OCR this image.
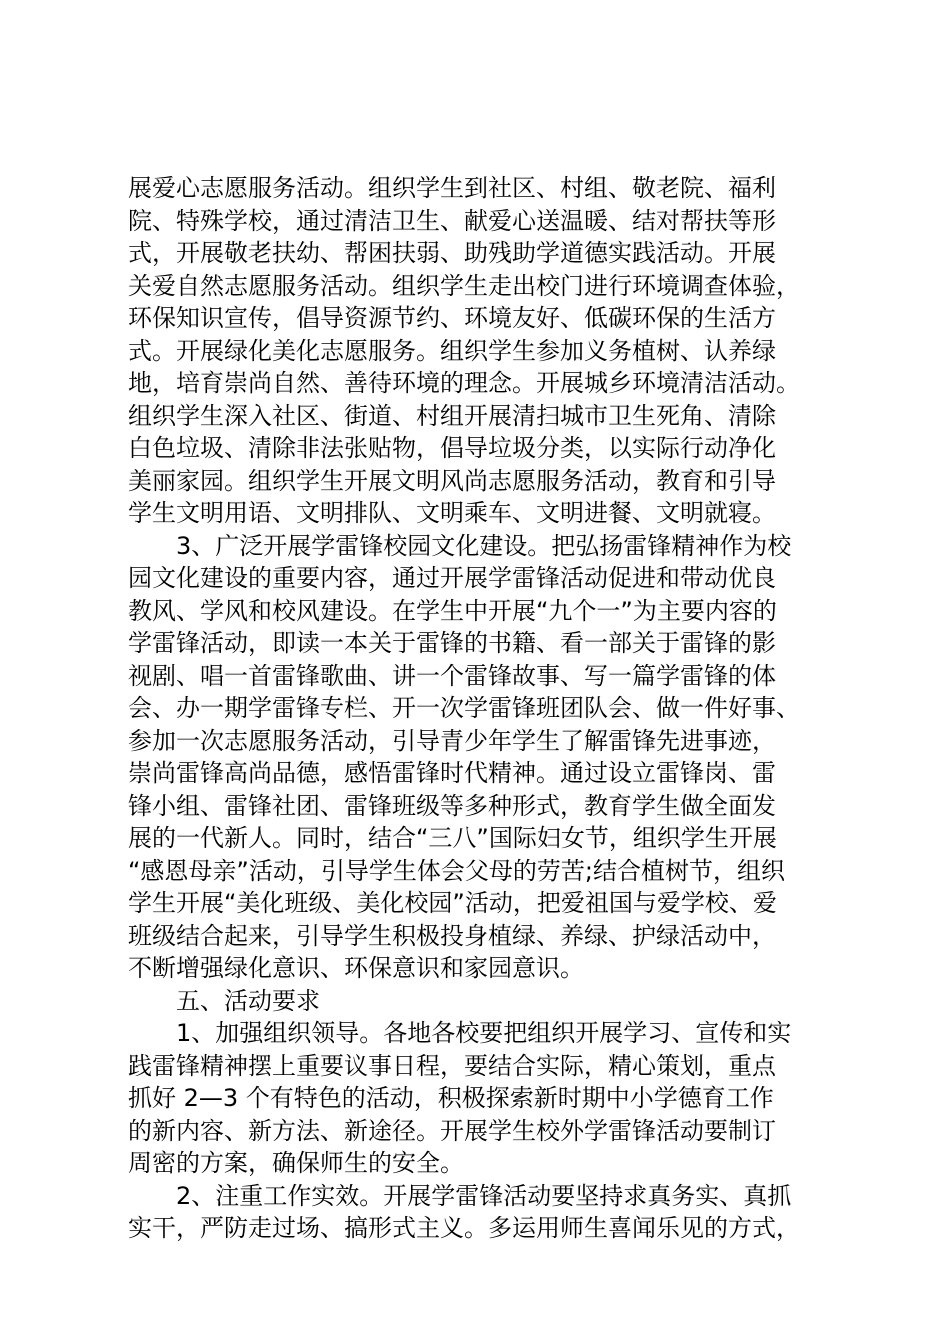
展爱心志愿服务活动。组织学生到社区、村组、敬老院、福利
院、特殊学校，通过清洁卫生、献爱心送温暖、结对帮扶等形
式，开展敬老扶幼、帮困扶弱、助残助学道德实践活动。开展
关爱自然志愿服务活动。组织学生走出校门进行环境调查体验，
环保知识宣传，倡导资源节约、环境友好、低碳环保的生活方
式。开展绿化美化志愿服务。组织学生参加义务植树、认养绿
地，培育崇尚自然、善待环境的理念。开展城乡环境清洁活动。
组织学生深入社区、街道、村组开展清扫城市卫生死角、清除
白色垃圾、清除非法张贴物，倡导垃圾分类，以实际行动净化
美丽家园。组织学生开展文明风尚志愿服务活动，教育和引导
学生文明用语、文明排队、文明乘车、文明进餐、文明就寝。
　　3、广泛开展学雷锋校园文化建设。把弘扬雷锋精神作为校
园文化建设的重要内容，通过开展学雷锋活动促进和带动优良
教风、学风和校风建设。在学生中开展“九个一”为主要内容的
学雷锋活动，即读一本关于雷锋的书籍、看一部关于雷锋的影
视剧、唱一首雷锋歌曲、讲一个雷锋故事、写一篇学雷锋的体
会、办一期学雷锋专栏、开一次学雷锋班团队会、做一件好事、
参加一次志愿服务活动，引导青少年学生了解雷锋先进事迹，
崇尚雷锋高尚品德，感悟雷锋时代精神。通过设立雷锋岗、雷
锋小组、雷锋社团、雷锋班级等多种形式，教育学生做全面发
展的一代新人。同时，结合“三八”国际妇女节，组织学生开展
“感恩母亲”活动，引导学生体会父母的劳苦;结合植树节，组织
学生开展“美化班级、美化校园”活动，把爱祖国与爱学校、爱
班级结合起来，引导学生积极投身植绿、养绿、护绿活动中，
不断增强绿化意识、环保意识和家园意识。
　　五、活动要求
　　1、加强组织领导。各地各校要把组织开展学习、宣传和实
践雷锋精神摆上重要议事日程，要结合实际，精心策划，重点
抓好 2—3 个有特色的活动，积极探索新时期中小学德育工作
的新内容、新方法、新途径。开展学生校外学雷锋活动要制订
周密的方案，确保师生的安全。
　　2、注重工作实效。开展学雷锋活动要坚持求真务实、真抓
实干，严防走过场、搞形式主义。多运用师生喜闻乐见的方式，
